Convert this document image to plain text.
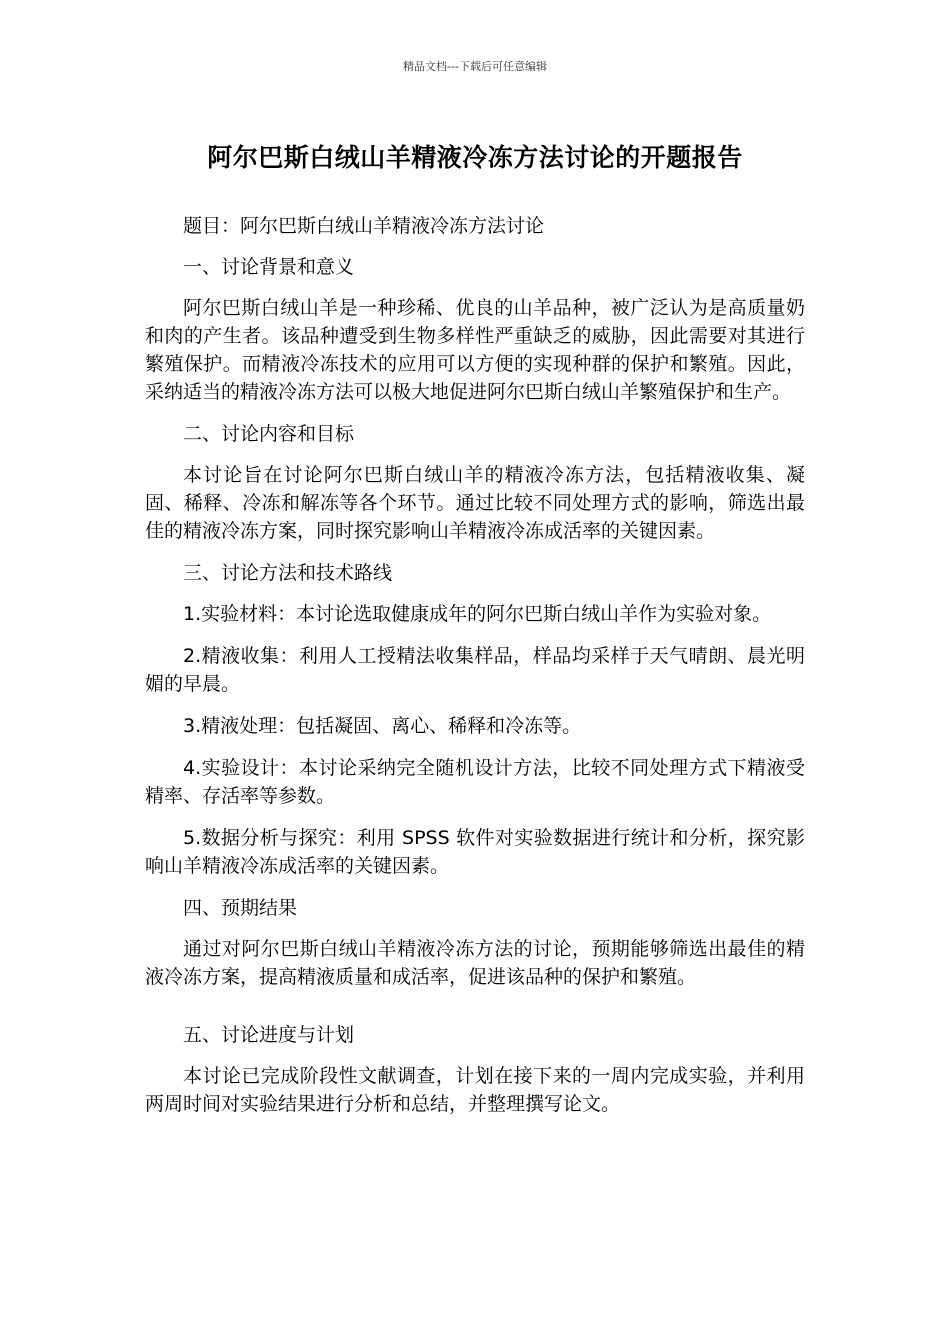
精品文档---下载后可任意编辑
阿尔巴斯白绒山羊精液冷冻方法讨论的开题报告

题目：阿尔巴斯白绒山羊精液冷冻方法讨论

一、讨论背景和意义

阿尔巴斯白绒山羊是一种珍稀、优良的山羊品种，被广泛认为是高质量奶和肉的产生者。该品种遭受到生物多样性严重缺乏的威胁，因此需要对其进行繁殖保护。而精液冷冻技术的应用可以方便的实现种群的保护和繁殖。因此，采纳适当的精液冷冻方法可以极大地促进阿尔巴斯白绒山羊繁殖保护和生产。

二、讨论内容和目标

本讨论旨在讨论阿尔巴斯白绒山羊的精液冷冻方法，包括精液收集、凝固、稀释、冷冻和解冻等各个环节。通过比较不同处理方式的影响，筛选出最佳的精液冷冻方案，同时探究影响山羊精液冷冻成活率的关键因素。

三、讨论方法和技术路线

1.实验材料：本讨论选取健康成年的阿尔巴斯白绒山羊作为实验对象。

2.精液收集：利用人工授精法收集样品，样品均采样于天气晴朗、晨光明媚的早晨。

3.精液处理：包括凝固、离心、稀释和冷冻等。

4.实验设计：本讨论采纳完全随机设计方法，比较不同处理方式下精液受精率、存活率等参数。

5.数据分析与探究：利用 SPSS 软件对实验数据进行统计和分析，探究影响山羊精液冷冻成活率的关键因素。

四、预期结果

通过对阿尔巴斯白绒山羊精液冷冻方法的讨论，预期能够筛选出最佳的精液冷冻方案，提高精液质量和成活率，促进该品种的保护和繁殖。

五、讨论进度与计划

本讨论已完成阶段性文献调查，计划在接下来的一周内完成实验，并利用两周时间对实验结果进行分析和总结，并整理撰写论文。
